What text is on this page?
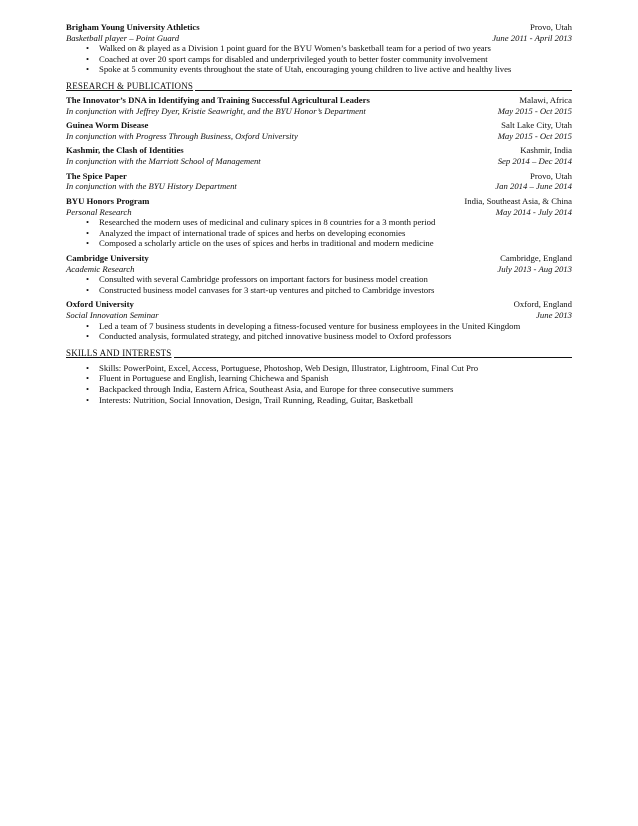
Brigham Young University Athletics	Provo, Utah
Basketball player – Point Guard	June 2011 - April 2013
• Walked on & played as a Division 1 point guard for the BYU Women’s basketball team for a period of two years
• Coached at over 20 sport camps for disabled and underprivileged youth to better foster community involvement
• Spoke at 5 community events throughout the state of Utah, encouraging young children to live active and healthy lives
RESEARCH & PUBLICATIONS
The Innovator’s DNA in Identifying and Training Successful Agricultural Leaders	Malawi, Africa
In conjunction with Jeffrey Dyer, Kristie Seawright, and the BYU Honor’s Department	May 2015 - Oct 2015
Guinea Worm Disease	Salt Lake City, Utah
In conjunction with Progress Through Business, Oxford University	May 2015 - Oct 2015
Kashmir, the Clash of Identities	Kashmir, India
In conjunction with the Marriott School of Management	Sep 2014 – Dec 2014
The Spice Paper	Provo, Utah
In conjunction with the BYU History Department	Jan 2014 – June 2014
BYU Honors Program	India, Southeast Asia, & China
Personal Research	May 2014 - July 2014
• Researched the modern uses of medicinal and culinary spices in 8 countries for a 3 month period
• Analyzed the impact of international trade of spices and herbs on developing economies
• Composed a scholarly article on the uses of spices and herbs in traditional and modern medicine
Cambridge University	Cambridge, England
Academic Research	July 2013 - Aug 2013
• Consulted with several Cambridge professors on important factors for business model creation
• Constructed business model canvases for 3 start-up ventures and pitched to Cambridge investors
Oxford University	Oxford, England
Social Innovation Seminar	June 2013
• Led a team of 7 business students in developing a fitness-focused venture for business employees in the United Kingdom
• Conducted analysis, formulated strategy, and pitched innovative business model to Oxford professors
SKILLS AND INTERESTS
• Skills: PowerPoint, Excel, Access, Portuguese, Photoshop, Web Design, Illustrator, Lightroom, Final Cut Pro
• Fluent in Portuguese and English, learning Chichewa and Spanish
• Backpacked through India, Eastern Africa, Southeast Asia, and Europe for three consecutive summers
• Interests: Nutrition, Social Innovation, Design, Trail Running, Reading, Guitar, Basketball
